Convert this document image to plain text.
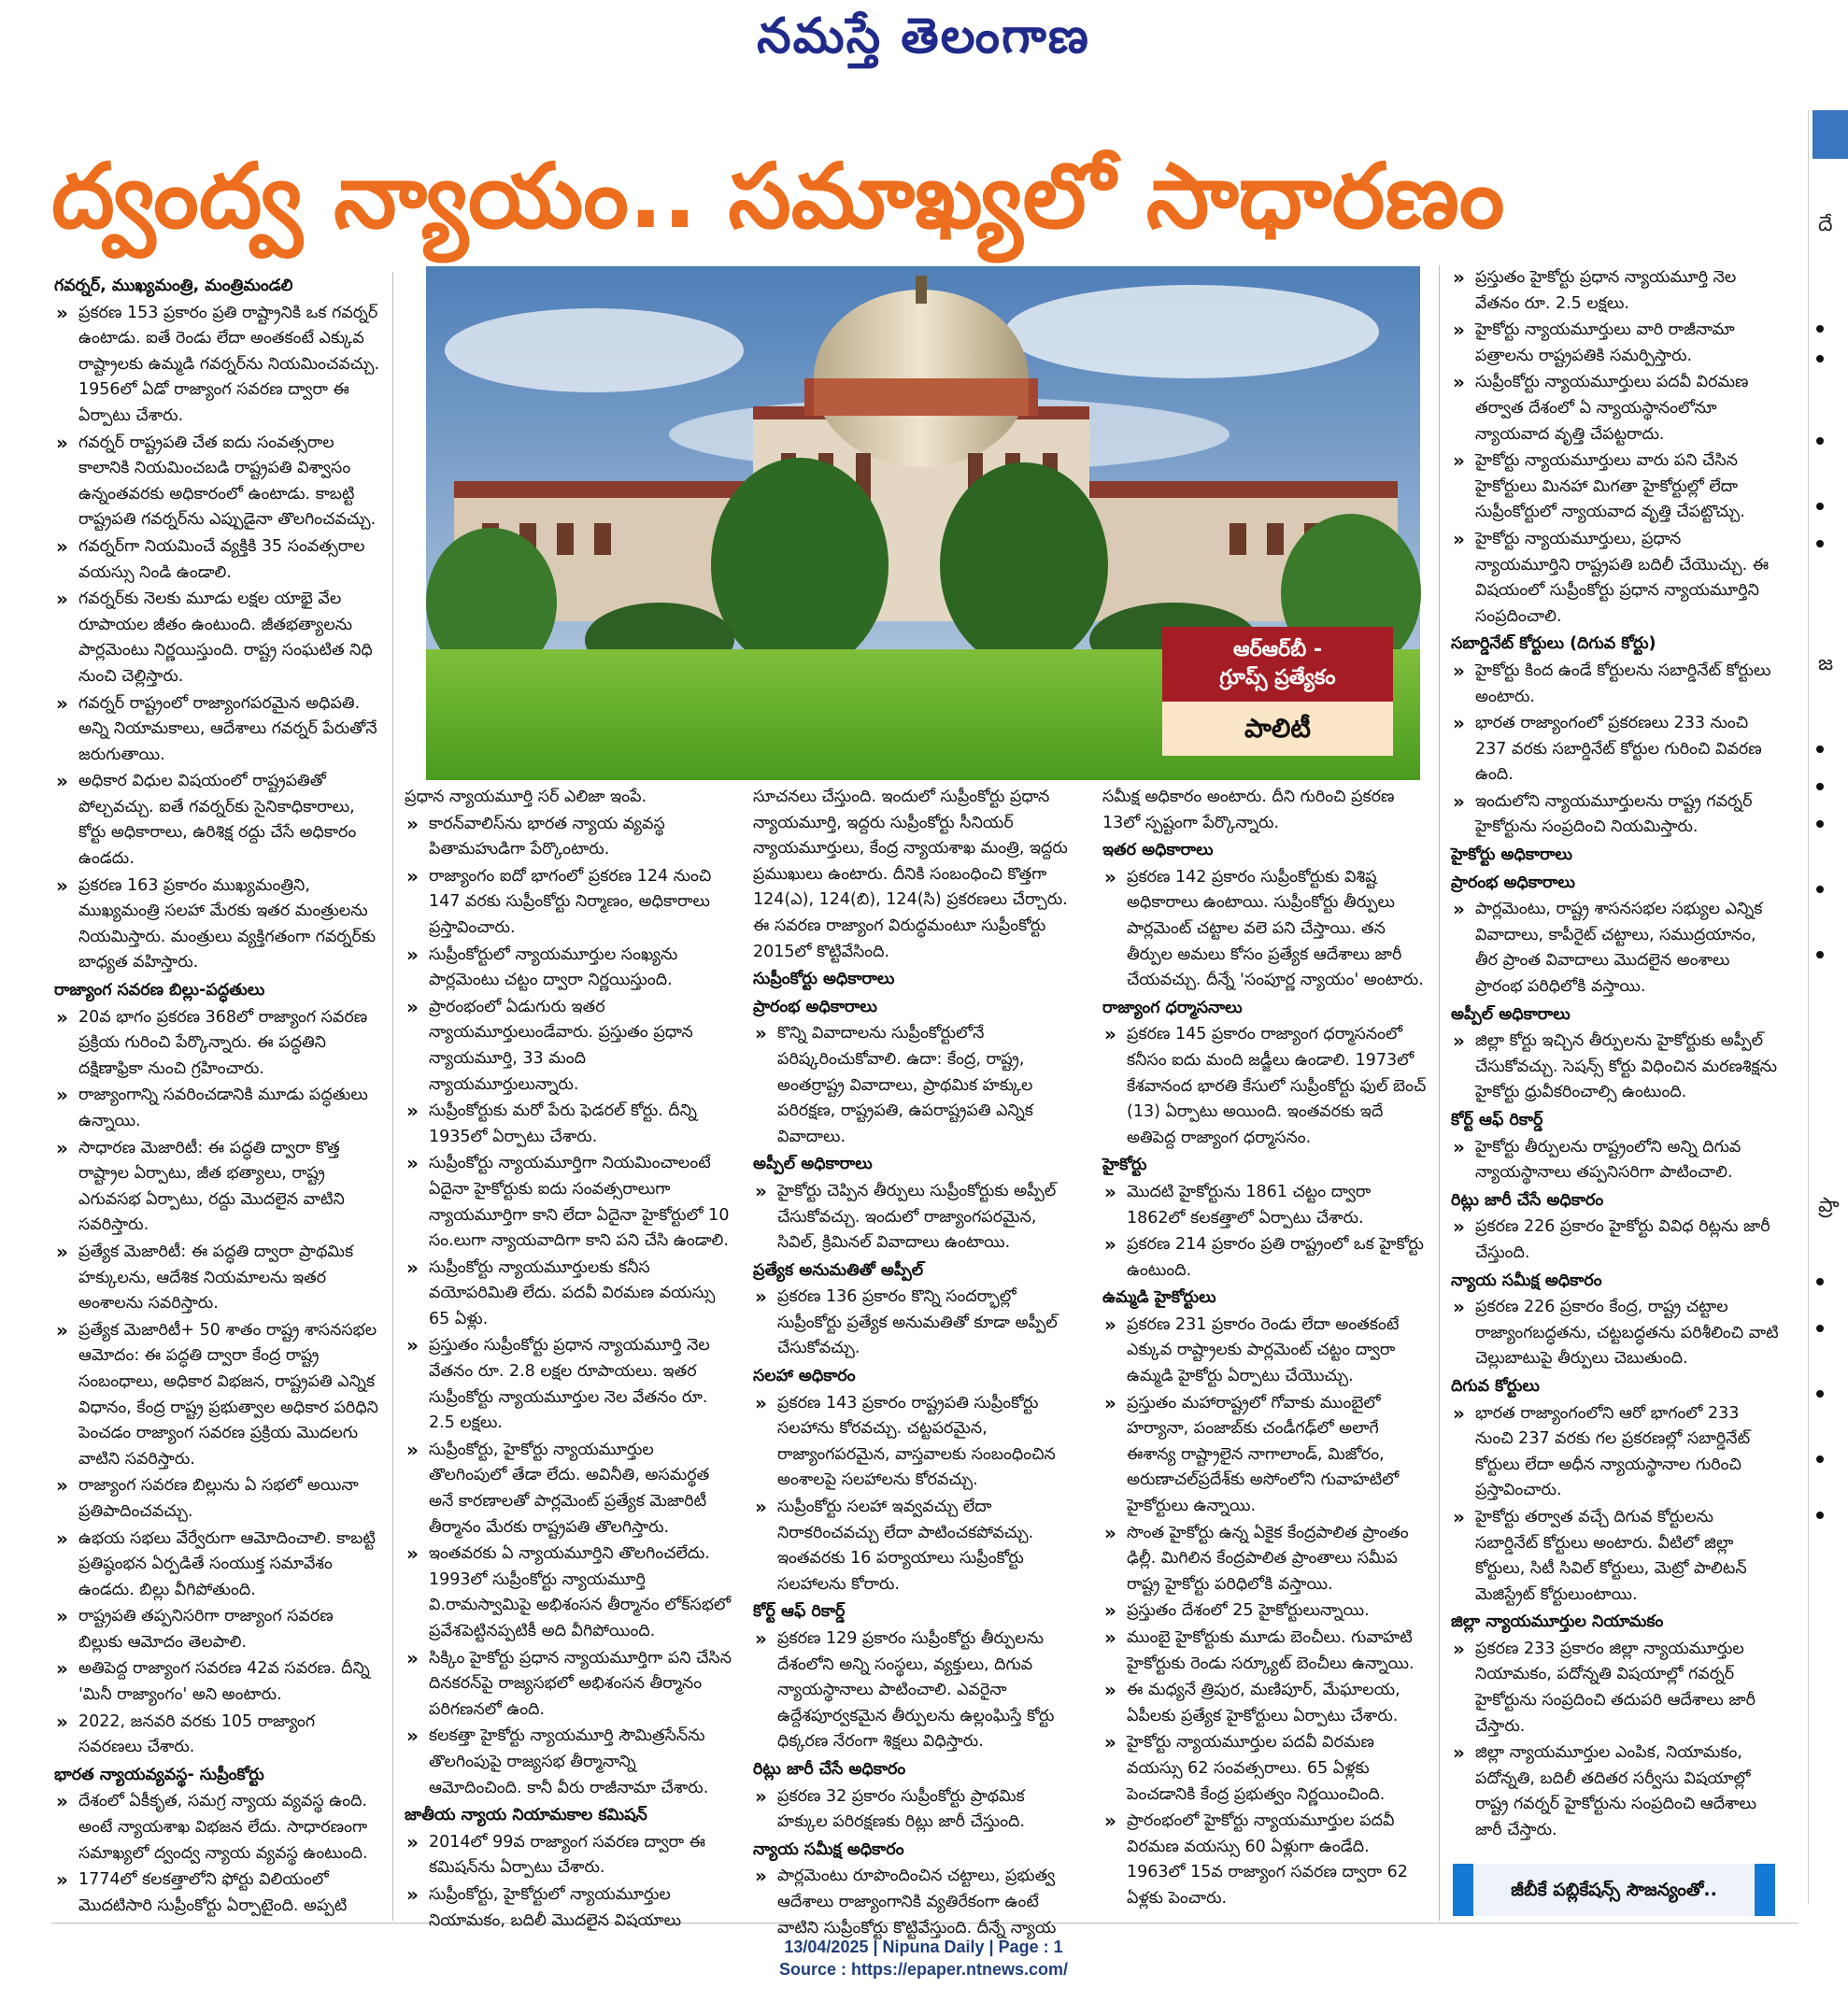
నమస్తే తెలంగాణ
ద్వంద్వ న్యాయం.. సమాఖ్యలో సాధారణం
ఆర్ఆర్‌బీ -
గ్రూప్స్ ప్రత్యేకం
పాలిటీ
గవర్నర్, ముఖ్యమంత్రి, మంత్రిమండలి
» ప్రకరణ 153 ప్రకారం ప్రతి రాష్ట్రానికి ఒక గవర్నర్ ఉంటాడు. ఐతే రెండు లేదా అంతకంటే ఎక్కువ రాష్ట్రాలకు ఉమ్మడి గవర్నర్‌ను నియమించవచ్చు. 1956లో ఏడో రాజ్యాంగ సవరణ ద్వారా ఈ ఏర్పాటు చేశారు.
» గవర్నర్ రాష్ట్రపతి చేత ఐదు సంవత్సరాల కాలానికి నియమించబడి రాష్ట్రపతి విశ్వాసం ఉన్నంతవరకు అధికారంలో ఉంటాడు. కాబట్టి రాష్ట్రపతి గవర్నర్‌ను ఎప్పుడైనా తొలగించవచ్చు.
» గవర్నర్‌గా నియమించే వ్యక్తికి 35 సంవత్సరాల వయస్సు నిండి ఉండాలి.
» గవర్నర్‌కు నెలకు మూడు లక్షల యాభై వేల రూపాయల జీతం ఉంటుంది. జీతభత్యాలను పార్లమెంటు నిర్ణయిస్తుంది. రాష్ట్ర సంఘటిత నిధి నుంచి చెల్లిస్తారు.
» గవర్నర్ రాష్ట్రంలో రాజ్యాంగపరమైన అధిపతి. అన్ని నియామకాలు, ఆదేశాలు గవర్నర్ పేరుతోనే జరుగుతాయి.
» అధికార విధుల విషయంలో రాష్ట్రపతితో పోల్చవచ్చు. ఐతే గవర్నర్‌కు సైనికాధికారాలు, కోర్టు అధికారాలు, ఉరిశిక్ష రద్దు చేసే అధికారం ఉండదు.
» ప్రకరణ 163 ప్రకారం ముఖ్యమంత్రిని, ముఖ్యమంత్రి సలహా మేరకు ఇతర మంత్రులను నియమిస్తారు. మంత్రులు వ్యక్తిగతంగా గవర్నర్‌కు బాధ్యత వహిస్తారు.
రాజ్యాంగ సవరణ బిల్లు-పద్ధతులు
» 20వ భాగం ప్రకరణ 368లో రాజ్యాంగ సవరణ ప్రక్రియ గురించి పేర్కొన్నారు. ఈ పద్ధతిని దక్షిణాఫ్రికా నుంచి గ్రహించారు.
» రాజ్యాంగాన్ని సవరించడానికి మూడు పద్ధతులు ఉన్నాయి.
» సాధారణ మెజారిటీ: ఈ పద్ధతి ద్వారా కొత్త రాష్ట్రాల ఏర్పాటు, జీత భత్యాలు, రాష్ట్ర ఎగువసభ ఏర్పాటు, రద్దు మొదలైన వాటిని సవరిస్తారు.
» ప్రత్యేక మెజారిటీ: ఈ పద్ధతి ద్వారా ప్రాథమిక హక్కులను, ఆదేశిక నియమాలను ఇతర అంశాలను సవరిస్తారు.
» ప్రత్యేక మెజారిటీ+ 50 శాతం రాష్ట్ర శాసనసభల ఆమోదం: ఈ పద్ధతి ద్వారా కేంద్ర రాష్ట్ర సంబంధాలు, అధికార విభజన, రాష్ట్రపతి ఎన్నిక విధానం, కేంద్ర రాష్ట్ర ప్రభుత్వాల అధికార పరిధిని పెంచడం రాజ్యాంగ సవరణ ప్రక్రియ మొదలగు వాటిని సవరిస్తారు.
» రాజ్యాంగ సవరణ బిల్లును ఏ సభలో అయినా ప్రతిపాదించవచ్చు.
» ఉభయ సభలు వేర్వేరుగా ఆమోదించాలి. కాబట్టి ప్రతిష్ఠంభన ఏర్పడితే సంయుక్త సమావేశం ఉండదు. బిల్లు వీగిపోతుంది.
» రాష్ట్రపతి తప్పనిసరిగా రాజ్యాంగ సవరణ బిల్లుకు ఆమోదం తెలపాలి.
» అతిపెద్ద రాజ్యాంగ సవరణ 42వ సవరణ. దీన్ని 'మినీ రాజ్యాంగం' అని అంటారు.
» 2022, జనవరి వరకు 105 రాజ్యాంగ సవరణలు చేశారు.
భారత న్యాయవ్యవస్థ- సుప్రీంకోర్టు
» దేశంలో ఏకీకృత, సమగ్ర న్యాయ వ్యవస్థ ఉంది. అంటే న్యాయశాఖ విభజన లేదు. సాధారణంగా సమాఖ్యలో ద్వంద్వ న్యాయ వ్యవస్థ ఉంటుంది.
» 1774లో కలకత్తాలోని ఫోర్టు విలియంలో మొదటిసారి సుప్రీంకోర్టు ఏర్పాటైంది. అప్పటి
ప్రధాన న్యాయమూర్తి సర్ ఎలిజా ఇంపే.
» కారన్‌వాలిస్‌ను భారత న్యాయ వ్యవస్థ పితామహుడిగా పేర్కొంటారు.
» రాజ్యాంగం ఐదో భాగంలో ప్రకరణ 124 నుంచి 147 వరకు సుప్రీంకోర్టు నిర్మాణం, అధికారాలు ప్రస్తావించారు.
» సుప్రీంకోర్టులో న్యాయమూర్తుల సంఖ్యను పార్లమెంటు చట్టం ద్వారా నిర్ణయిస్తుంది.
» ప్రారంభంలో ఏడుగురు ఇతర న్యాయమూర్తులుండేవారు. ప్రస్తుతం ప్రధాన న్యాయమూర్తి, 33 మంది న్యాయమూర్తులున్నారు.
» సుప్రీంకోర్టుకు మరో పేరు ఫెడరల్ కోర్టు. దీన్ని 1935లో ఏర్పాటు చేశారు.
» సుప్రీంకోర్టు న్యాయమూర్తిగా నియమించాలంటే ఏదైనా హైకోర్టుకు ఐదు సంవత్సరాలుగా న్యాయమూర్తిగా కాని లేదా ఏదైనా హైకోర్టులో 10 సం.లుగా న్యాయవాదిగా కాని పని చేసి ఉండాలి.
» సుప్రీంకోర్టు న్యాయమూర్తులకు కనీస వయోపరిమితి లేదు. పదవీ విరమణ వయస్సు 65 ఏళ్లు.
» ప్రస్తుతం సుప్రీంకోర్టు ప్రధాన న్యాయమూర్తి నెల వేతనం రూ. 2.8 లక్షల రూపాయలు. ఇతర సుప్రీంకోర్టు న్యాయమూర్తుల నెల వేతనం రూ. 2.5 లక్షలు.
» సుప్రీంకోర్టు, హైకోర్టు న్యాయమూర్తుల తొలగింపులో తేడా లేదు. అవినీతి, అసమర్థత అనే కారణాలతో పార్లమెంట్ ప్రత్యేక మెజారిటీ తీర్మానం మేరకు రాష్ట్రపతి తొలగిస్తారు.
» ఇంతవరకు ఏ న్యాయమూర్తిని తొలగించలేదు. 1993లో సుప్రీంకోర్టు న్యాయమూర్తి వి.రామస్వామిపై అభిశంసన తీర్మానం లోక్‌సభలో ప్రవేశపెట్టినప్పటికీ అది వీగిపోయింది.
» సిక్కిం హైకోర్టు ప్రధాన న్యాయమూర్తిగా పని చేసిన దినకరన్‌పై రాజ్యసభలో అభిశంసన తీర్మానం పరిగణనలో ఉంది.
» కలకత్తా హైకోర్టు న్యాయమూర్తి సౌమిత్రసేన్‌ను తొలగింపుపై రాజ్యసభ తీర్మానాన్ని ఆమోదించింది. కానీ వీరు రాజీనామా చేశారు.
జాతీయ న్యాయ నియామకాల కమిషన్
» 2014లో 99వ రాజ్యాంగ సవరణ ద్వారా ఈ కమిషన్‌ను ఏర్పాటు చేశారు.
» సుప్రీంకోర్టు, హైకోర్టులో న్యాయమూర్తుల నియామకం, బదిలీ మొదలైన విషయాలు
సూచనలు చేస్తుంది. ఇందులో సుప్రీంకోర్టు ప్రధాన న్యాయమూర్తి, ఇద్దరు సుప్రీంకోర్టు సీనియర్ న్యాయమూర్తులు, కేంద్ర న్యాయశాఖ మంత్రి, ఇద్దరు ప్రముఖులు ఉంటారు. దీనికి సంబంధించి కొత్తగా 124(ఎ), 124(బి), 124(సి) ప్రకరణలు చేర్చారు. ఈ సవరణ రాజ్యాంగ విరుద్ధమంటూ సుప్రీంకోర్టు 2015లో కొట్టివేసింది.
సుప్రీంకోర్టు అధికారాలు
ప్రారంభ అధికారాలు
» కొన్ని వివాదాలను సుప్రీంకోర్టులోనే పరిష్కరించుకోవాలి. ఉదా: కేంద్ర, రాష్ట్ర, అంతర్రాష్ట్ర వివాదాలు, ప్రాథమిక హక్కుల పరిరక్షణ, రాష్ట్రపతి, ఉపరాష్ట్రపతి ఎన్నిక వివాదాలు.
అప్పీల్ అధికారాలు
» హైకోర్టు చెప్పిన తీర్పులు సుప్రీంకోర్టుకు అప్పీల్ చేసుకోవచ్చు. ఇందులో రాజ్యాంగపరమైన, సివిల్, క్రిమినల్ వివాదాలు ఉంటాయి.
ప్రత్యేక అనుమతితో అప్పీల్
» ప్రకరణ 136 ప్రకారం కొన్ని సందర్భాల్లో సుప్రీంకోర్టు ప్రత్యేక అనుమతితో కూడా అప్పీల్ చేసుకోవచ్చు.
సలహా అధికారం
» ప్రకరణ 143 ప్రకారం రాష్ట్రపతి సుప్రీంకోర్టు సలహాను కోరవచ్చు. చట్టపరమైన, రాజ్యాంగపరమైన, వాస్తవాలకు సంబంధించిన అంశాలపై సలహాలను కోరవచ్చు.
» సుప్రీంకోర్టు సలహా ఇవ్వవచ్చు లేదా నిరాకరించవచ్చు లేదా పాటించకపోవచ్చు. ఇంతవరకు 16 పర్యాయాలు సుప్రీంకోర్టు సలహాలను కోరారు.
కోర్ట్ ఆఫ్ రికార్డ్
» ప్రకరణ 129 ప్రకారం సుప్రీంకోర్టు తీర్పులను దేశంలోని అన్ని సంస్థలు, వ్యక్తులు, దిగువ న్యాయస్థానాలు పాటించాలి. ఎవరైనా ఉద్దేశపూర్వకమైన తీర్పులను ఉల్లంఘిస్తే కోర్టు ధిక్కరణ నేరంగా శిక్షలు విధిస్తారు.
రిట్లు జారీ చేసే అధికారం
» ప్రకరణ 32 ప్రకారం సుప్రీంకోర్టు ప్రాథమిక హక్కుల పరిరక్షణకు రిట్లు జారీ చేస్తుంది.
న్యాయ సమీక్ష అధికారం
» పార్లమెంటు రూపొందించిన చట్టాలు, ప్రభుత్వ ఆదేశాలు రాజ్యాంగానికి వ్యతిరేకంగా ఉంటే వాటిని సుప్రీంకోర్టు కొట్టివేస్తుంది. దీన్నే న్యాయ
సమీక్ష అధికారం అంటారు. దీని గురించి ప్రకరణ 13లో స్పష్టంగా పేర్కొన్నారు.
ఇతర అధికారాలు
» ప్రకరణ 142 ప్రకారం సుప్రీంకోర్టుకు విశిష్ట అధికారాలు ఉంటాయి. సుప్రీంకోర్టు తీర్పులు పార్లమెంట్ చట్టాల వలె పని చేస్తాయి. తన తీర్పుల అమలు కోసం ప్రత్యేక ఆదేశాలు జారీ చేయవచ్చు. దీన్నే 'సంపూర్ణ న్యాయం' అంటారు.
రాజ్యాంగ ధర్మాసనాలు
» ప్రకరణ 145 ప్రకారం రాజ్యాంగ ధర్మాసనంలో కనీసం ఐదు మంది జడ్జీలు ఉండాలి. 1973లో కేశవానంద భారతి కేసులో సుప్రీంకోర్టు ఫుల్ బెంచ్ (13) ఏర్పాటు అయింది. ఇంతవరకు ఇదే అతిపెద్ద రాజ్యాంగ ధర్మాసనం.
హైకోర్టు
» మొదటి హైకోర్టును 1861 చట్టం ద్వారా 1862లో కలకత్తాలో ఏర్పాటు చేశారు.
» ప్రకరణ 214 ప్రకారం ప్రతి రాష్ట్రంలో ఒక హైకోర్టు ఉంటుంది.
ఉమ్మడి హైకోర్టులు
» ప్రకరణ 231 ప్రకారం రెండు లేదా అంతకంటే ఎక్కువ రాష్ట్రాలకు పార్లమెంట్ చట్టం ద్వారా ఉమ్మడి హైకోర్టు ఏర్పాటు చేయొచ్చు.
» ప్రస్తుతం మహారాష్ట్రలో గోవాకు ముంబైలో హర్యానా, పంజాబ్‌కు చండీగఢ్‌లో అలాగే ఈశాన్య రాష్ట్రాలైన నాగాలాండ్, మిజోరం, అరుణాచల్‌ప్రదేశ్‌కు అసోంలోని గువాహటిలో హైకోర్టులు ఉన్నాయి.
» సొంత హైకోర్టు ఉన్న ఏకైక కేంద్రపాలిత ప్రాంతం ఢిల్లీ. మిగిలిన కేంద్రపాలిత ప్రాంతాలు సమీప రాష్ట్ర హైకోర్టు పరిధిలోకి వస్తాయి.
» ప్రస్తుతం దేశంలో 25 హైకోర్టులున్నాయి.
» ముంబై హైకోర్టుకు మూడు బెంచీలు. గువాహటి హైకోర్టుకు రెండు సర్క్యూట్ బెంచీలు ఉన్నాయి.
» ఈ మధ్యనే త్రిపుర, మణిపూర్, మేఘాలయ, ఏపీలకు ప్రత్యేక హైకోర్టులు ఏర్పాటు చేశారు.
» హైకోర్టు న్యాయమూర్తుల పదవీ విరమణ వయస్సు 62 సంవత్సరాలు. 65 ఏళ్లకు పెంచడానికి కేంద్ర ప్రభుత్వం నిర్ణయించింది.
» ప్రారంభంలో హైకోర్టు న్యాయమూర్తుల పదవీ విరమణ వయస్సు 60 ఏళ్లుగా ఉండేది. 1963లో 15వ రాజ్యాంగ సవరణ ద్వారా 62 ఏళ్లకు పెంచారు.
» ప్రస్తుతం హైకోర్టు ప్రధాన న్యాయమూర్తి నెల వేతనం రూ. 2.5 లక్షలు.
» హైకోర్టు న్యాయమూర్తులు వారి రాజీనామా పత్రాలను రాష్ట్రపతికి సమర్పిస్తారు.
» సుప్రీంకోర్టు న్యాయమూర్తులు పదవీ విరమణ తర్వాత దేశంలో ఏ న్యాయస్థానంలోనూ న్యాయవాద వృత్తి చేపట్టరాదు.
» హైకోర్టు న్యాయమూర్తులు వారు పని చేసిన హైకోర్టులు మినహా మిగతా హైకోర్టుల్లో లేదా సుప్రీంకోర్టులో న్యాయవాద వృత్తి చేపట్టొచ్చు.
» హైకోర్టు న్యాయమూర్తులు, ప్రధాన న్యాయమూర్తిని రాష్ట్రపతి బదిలీ చేయొచ్చు. ఈ విషయంలో సుప్రీంకోర్టు ప్రధాన న్యాయమూర్తిని సంప్రదించాలి.
సబార్డినేట్ కోర్టులు (దిగువ కోర్టు)
» హైకోర్టు కింద ఉండే కోర్టులను సబార్డినేట్ కోర్టులు అంటారు.
» భారత రాజ్యాంగంలో ప్రకరణలు 233 నుంచి 237 వరకు సబార్డినేట్ కోర్టుల గురించి వివరణ ఉంది.
» ఇందులోని న్యాయమూర్తులను రాష్ట్ర గవర్నర్ హైకోర్టును సంప్రదించి నియమిస్తారు.
హైకోర్టు అధికారాలు
ప్రారంభ అధికారాలు
» పార్లమెంటు, రాష్ట్ర శాసనసభల సభ్యుల ఎన్నిక వివాదాలు, కాపీరైట్ చట్టాలు, సముద్రయానం, తీర ప్రాంత వివాదాలు మొదలైన అంశాలు ప్రారంభ పరిధిలోకి వస్తాయి.
అప్పీల్ అధికారాలు
» జిల్లా కోర్టు ఇచ్చిన తీర్పులను హైకోర్టుకు అప్పీల్ చేసుకోవచ్చు. సెషన్స్ కోర్టు విధించిన మరణశిక్షను హైకోర్టు ధ్రువీకరించాల్సి ఉంటుంది.
కోర్ట్ ఆఫ్ రికార్డ్
» హైకోర్టు తీర్పులను రాష్ట్రంలోని అన్ని దిగువ న్యాయస్థానాలు తప్పనిసరిగా పాటించాలి.
రిట్లు జారీ చేసే అధికారం
» ప్రకరణ 226 ప్రకారం హైకోర్టు వివిధ రిట్లను జారీ చేస్తుంది.
న్యాయ సమీక్ష అధికారం
» ప్రకరణ 226 ప్రకారం కేంద్ర, రాష్ట్ర చట్టాల రాజ్యాంగబద్ధతను, చట్టబద్ధతను పరిశీలించి వాటి చెల్లుబాటుపై తీర్పులు చెబుతుంది.
దిగువ కోర్టులు
» భారత రాజ్యాంగంలోని ఆరో భాగంలో 233 నుంచి 237 వరకు గల ప్రకరణల్లో సబార్డినేట్ కోర్టులు లేదా అధీన న్యాయస్థానాల గురించి ప్రస్తావించారు.
» హైకోర్టు తర్వాత వచ్చే దిగువ కోర్టులను సబార్డినేట్ కోర్టులు అంటారు. వీటిలో జిల్లా కోర్టులు, సిటీ సివిల్ కోర్టులు, మెట్రో పాలిటన్ మెజిస్ట్రేట్ కోర్టులుంటాయి.
జిల్లా న్యాయమూర్తుల నియామకం
» ప్రకరణ 233 ప్రకారం జిల్లా న్యాయమూర్తుల నియామకం, పదోన్నతి విషయాల్లో గవర్నర్ హైకోర్టును సంప్రదించి తదుపరి ఆదేశాలు జారీ చేస్తారు.
» జిల్లా న్యాయమూర్తుల ఎంపిక, నియామకం, పదోన్నతి, బదిలీ తదితర సర్వీసు విషయాల్లో రాష్ట్ర గవర్నర్ హైకోర్టును సంప్రదించి ఆదేశాలు జారీ చేస్తారు.
జీబీకే పబ్లికేషన్స్ సౌజన్యంతో..
దే
జ
ప్రా
13/04/2025 | Nipuna Daily | Page : 1
Source : https://epaper.ntnews.com/
